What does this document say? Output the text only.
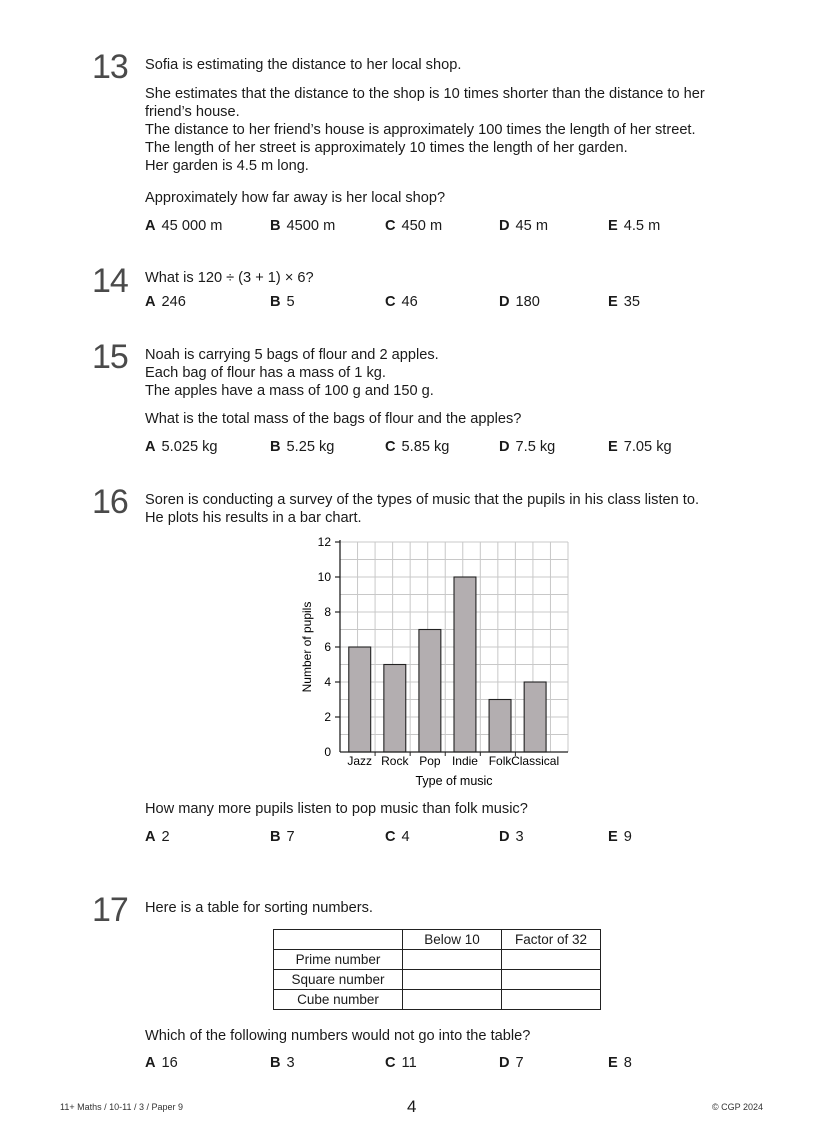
13 Sofia is estimating the distance to her local shop.
She estimates that the distance to the shop is 10 times shorter than the distance to her
friend’s house.
The distance to her friend’s house is approximately 100 times the length of her street.
The length of her street is approximately 10 times the length of her garden.
Her garden is 4.5 m long.
Approximately how far away is her local shop?
A 45 000 m	B 4500 m	C 450 m	D 45 m	E 4.5 m
14 What is 120 ÷ (3 + 1) × 6?
A 246	B 5	C 46	D 180	E 35
15 Noah is carrying 5 bags of flour and 2 apples.
Each bag of flour has a mass of 1 kg.
The apples have a mass of 100 g and 150 g.
What is the total mass of the bags of flour and the apples?
A 5.025 kg	B 5.25 kg	C 5.85 kg	D 7.5 kg	E 7.05 kg
16 Soren is conducting a survey of the types of music that the pupils in his class listen to.
He plots his results in a bar chart.
0
2
4
6
8
10
12
Jazz Rock Pop Indie Folk Classical
Number of pupils
Type of music
How many more pupils listen to pop music than folk music?
A 2	B 7	C 4	D 3	E 9
17 Here is a table for sorting numbers.
	Below 10	Factor of 32
Prime number		
Square number		
Cube number		
Which of the following numbers would not go into the table?
A 16	B 3	C 11	D 7	E 8
11+ Maths / 10-11 / 3 / Paper 9	4	© CGP 2024
